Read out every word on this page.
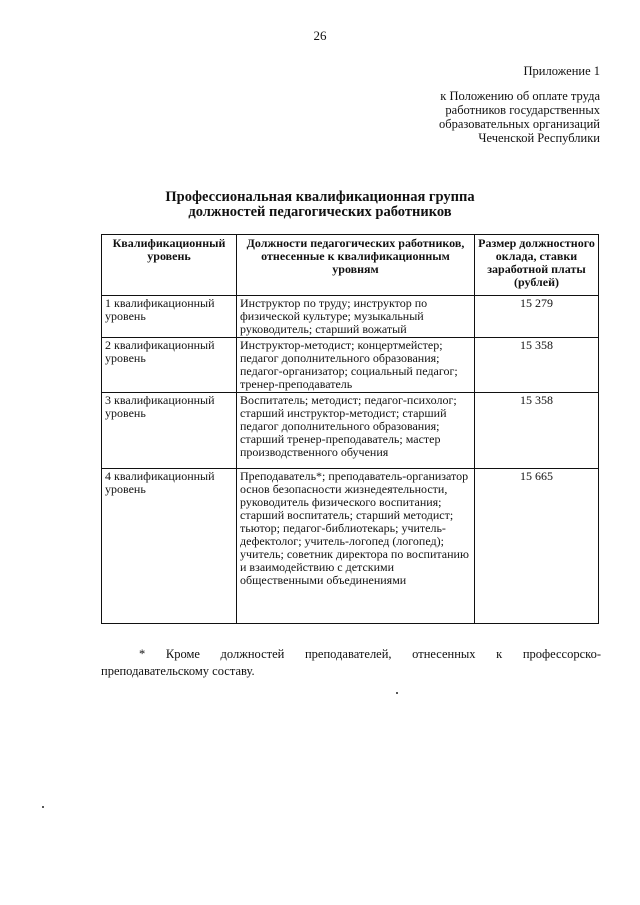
26
Приложение 1
к Положению об оплате труда
работников государственных
образовательных организаций
Чеченской Республики
Профессиональная квалификационная группа
должностей педагогических работников
Квалификационный уровень	Должности педагогических работников, отнесенные к квалификационным уровням	Размер должностного оклада, ставки заработной платы (рублей)
1 квалификационный уровень	Инструктор по труду; инструктор по физической культуре; музыкальный руководитель; старший вожатый	15 279
2 квалификационный уровень	Инструктор-методист; концертмейстер; педагог дополнительного образования; педагог-организатор; социальный педагог; тренер-преподаватель	15 358
3 квалификационный уровень	Воспитатель; методист; педагог-психолог; старший инструктор-методист; старший педагог дополнительного образования; старший тренер-преподаватель; мастер производственного обучения	15 358
4 квалификационный уровень	Преподаватель*; преподаватель-организатор основ безопасности жизнедеятельности, руководитель физического воспитания; старший воспитатель; старший методист; тьютор; педагог-библиотекарь; учитель-дефектолог; учитель-логопед (логопед); учитель; советник директора по воспитанию и взаимодействию с детскими общественными объединениями	15 665
* Кроме должностей преподавателей, отнесенных к профессорско-преподавательскому составу.
